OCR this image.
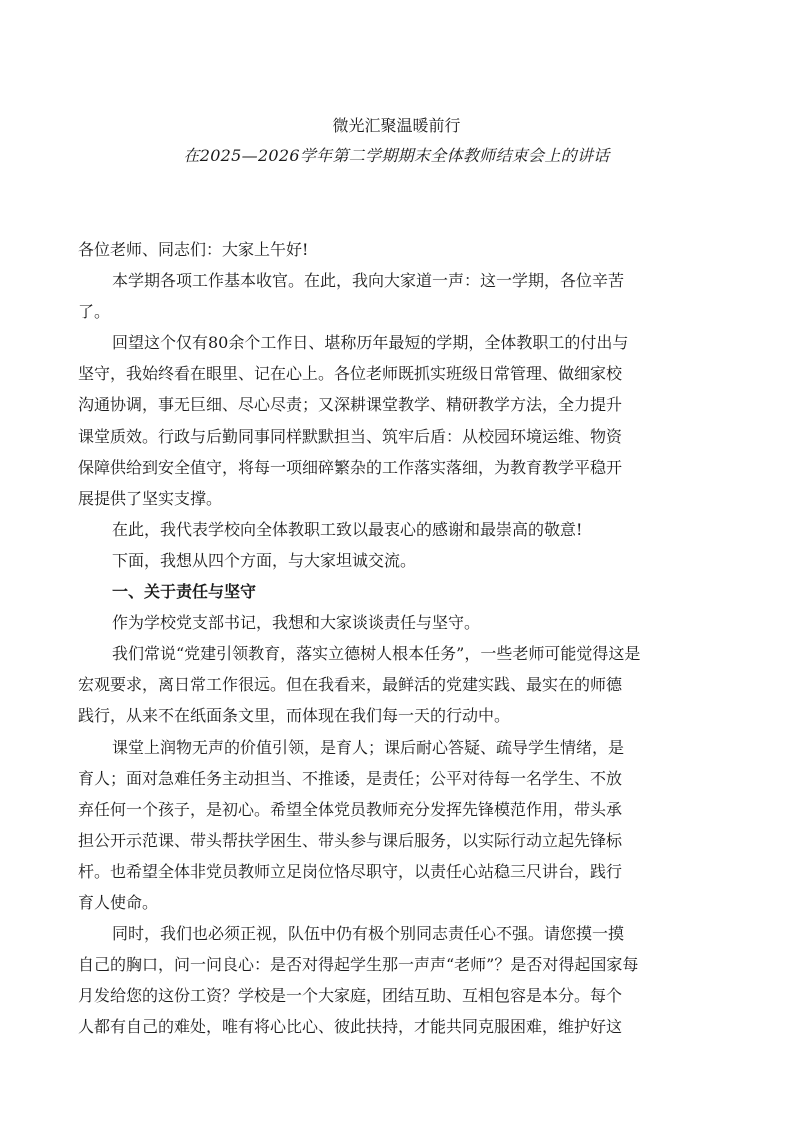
微光汇聚温暖前行
在2025—2026学年第二学期期末全体教师结束会上的讲话
各位老师、同志们：大家上午好!
本学期各项工作基本收官。在此，我向大家道一声：这一学期，各位辛苦
了。
回望这个仅有80余个工作日、堪称历年最短的学期，全体教职工的付出与
坚守，我始终看在眼里、记在心上。各位老师既抓实班级日常管理、做细家校
沟通协调，事无巨细、尽心尽责；又深耕课堂教学、精研教学方法，全力提升
课堂质效。行政与后勤同事同样默默担当、筑牢后盾：从校园环境运维、物资
保障供给到安全值守，将每一项细碎繁杂的工作落实落细，为教育教学平稳开
展提供了坚实支撑。
在此，我代表学校向全体教职工致以最衷心的感谢和最崇高的敬意!
下面，我想从四个方面，与大家坦诚交流。
一、关于责任与坚守
作为学校党支部书记，我想和大家谈谈责任与坚守。
我们常说“党建引领教育，落实立德树人根本任务”，一些老师可能觉得这是
宏观要求，离日常工作很远。但在我看来，最鲜活的党建实践、最实在的师德
践行，从来不在纸面条文里，而体现在我们每一天的行动中。
课堂上润物无声的价值引领，是育人；课后耐心答疑、疏导学生情绪，是
育人；面对急难任务主动担当、不推诿，是责任；公平对待每一名学生、不放
弃任何一个孩子，是初心。希望全体党员教师充分发挥先锋模范作用，带头承
担公开示范课、带头帮扶学困生、带头参与课后服务，以实际行动立起先锋标
杆。也希望全体非党员教师立足岗位恪尽职守，以责任心站稳三尺讲台，践行
育人使命。
同时，我们也必须正视，队伍中仍有极个别同志责任心不强。请您摸一摸
自己的胸口，问一问良心：是否对得起学生那一声声“老师”？是否对得起国家每
月发给您的这份工资？学校是一个大家庭，团结互助、互相包容是本分。每个
人都有自己的难处，唯有将心比心、彼此扶持，才能共同克服困难，维护好这
